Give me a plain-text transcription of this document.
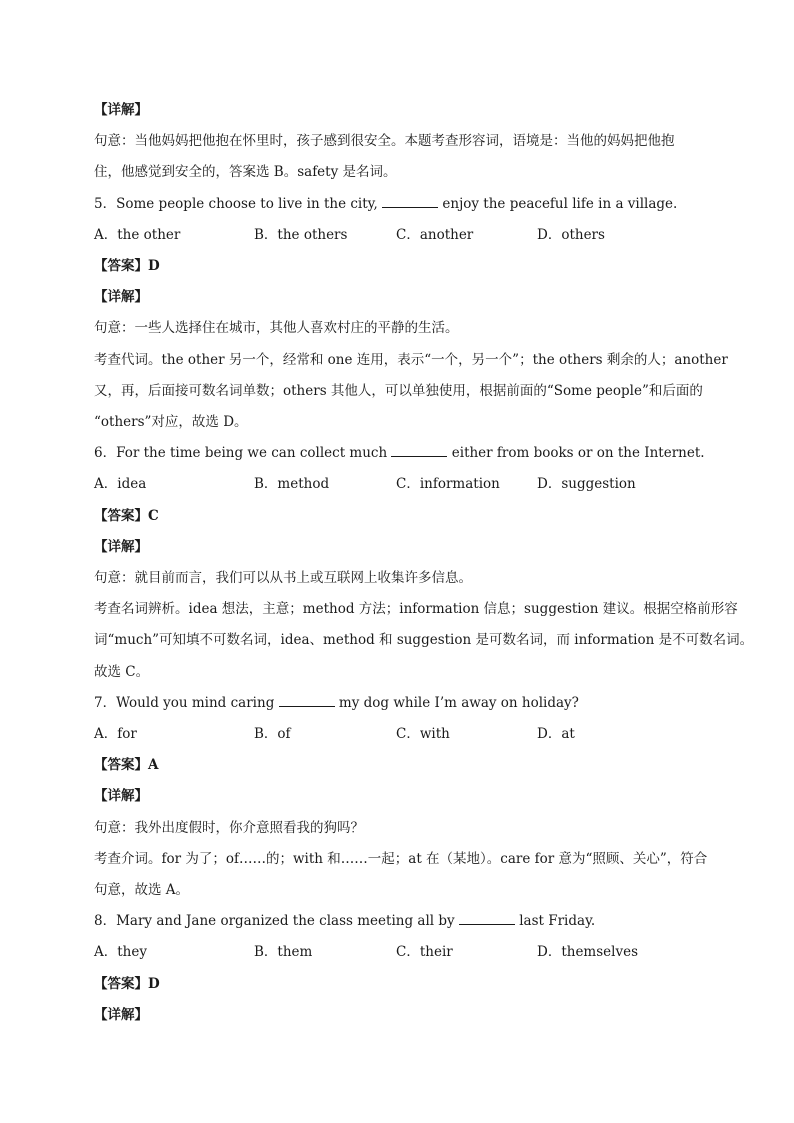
【详解】
句意：当他妈妈把他抱在怀里时，孩子感到很安全。本题考查形容词，语境是：当他的妈妈把他抱
住，他感觉到安全的，答案选 B。safety 是名词。
5．Some people choose to live in the city,	enjoy the peaceful life in a village.
A．the other	B．the others	C．another	D．others
【答案】D
【详解】
句意：一些人选择住在城市，其他人喜欢村庄的平静的生活。
考查代词。the other 另一个，经常和 one 连用，表示“一个，另一个”；the others 剩余的人；another
又，再，后面接可数名词单数；others 其他人，可以单独使用，根据前面的“Some people”和后面的
“others”对应，故选 D。
6．For the time being we can collect much	either from books or on the Internet.
A．idea	B．method	C．information	D．suggestion
【答案】C
【详解】
句意：就目前而言，我们可以从书上或互联网上收集许多信息。
考查名词辨析。idea 想法，主意；method 方法；information 信息；suggestion 建议。根据空格前形容
词“much”可知填不可数名词，idea、method 和 suggestion 是可数名词，而 information 是不可数名词。
故选 C。
7．Would you mind caring	my dog while I’m away on holiday?
A．for	B．of	C．with	D．at
【答案】A
【详解】
句意：我外出度假时，你介意照看我的狗吗？
考查介词。for 为了；of……的；with 和……一起；at 在（某地）。care for 意为“照顾、关心”，符合
句意，故选 A。
8．Mary and Jane organized the class meeting all by	last Friday.
A．they	B．them	C．their	D．themselves
【答案】D
【详解】
